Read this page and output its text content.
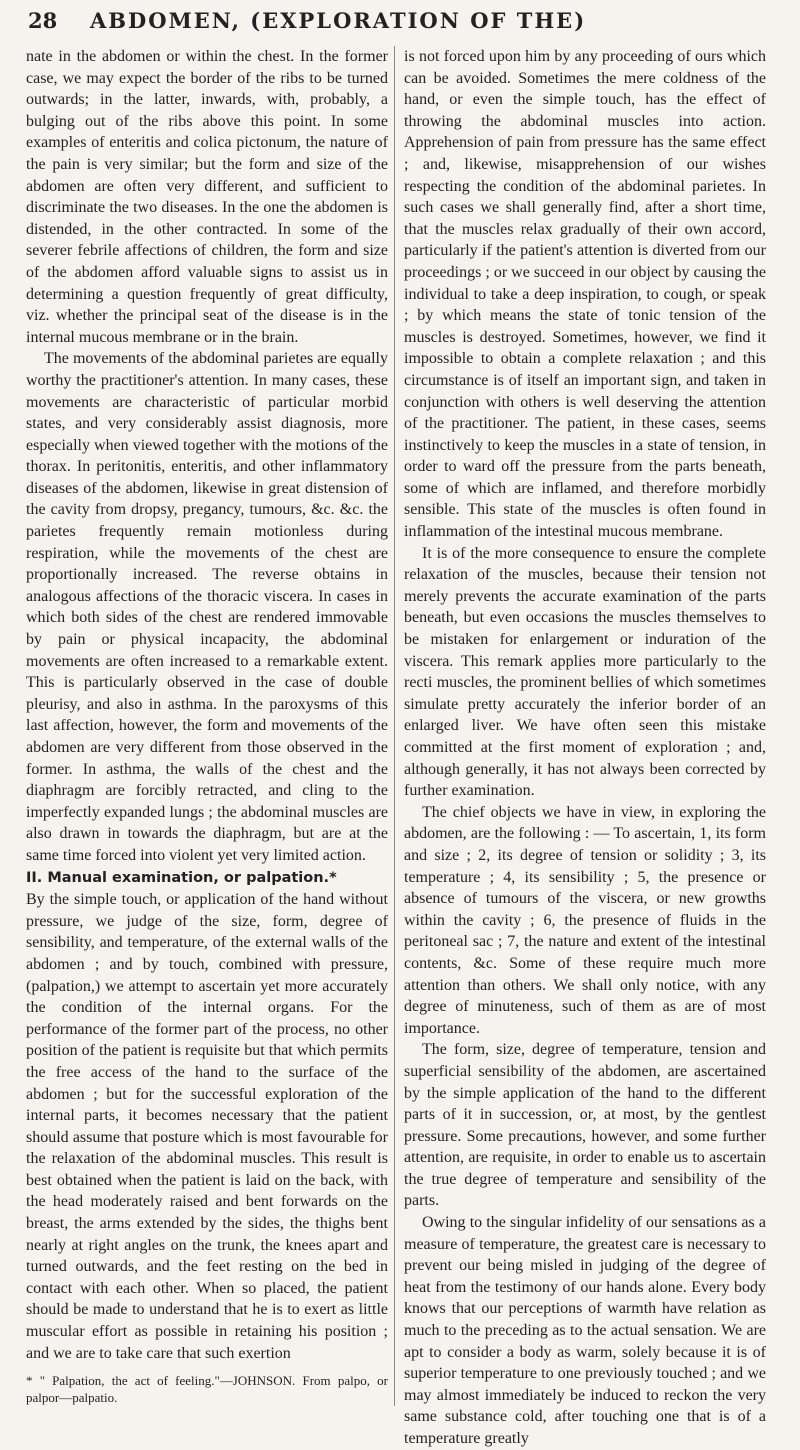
28 ABDOMEN, (EXPLORATION OF THE)

nate in the abdomen or within the chest. In the former case, we may expect the border of the ribs to be turned outwards; in the latter, inwards, with, probably, a bulging out of the ribs above this point. In some examples of enteritis and colica pictonum, the nature of the pain is very similar; but the form and size of the abdomen are often very different, and sufficient to discriminate the two diseases. In the one the abdomen is distended, in the other contracted. In some of the severer febrile affections of children, the form and size of the abdomen afford valuable signs to assist us in determining a question frequently of great difficulty, viz. whether the principal seat of the disease is in the internal mucous membrane or in the brain.

The movements of the abdominal parietes are equally worthy the practitioner's attention. In many cases, these movements are characteristic of particular morbid states, and very considerably assist diagnosis, more especially when viewed together with the motions of the thorax. In peritonitis, enteritis, and other inflammatory diseases of the abdomen, likewise in great distension of the cavity from dropsy, pregancy, tumours, &c. &c. the parietes frequently remain motionless during respiration, while the movements of the chest are proportionally increased. The reverse obtains in analogous affections of the thoracic viscera. In cases in which both sides of the chest are rendered immovable by pain or physical incapacity, the abdominal movements are often increased to a remarkable extent. This is particularly observed in the case of double pleurisy, and also in asthma. In the paroxysms of this last affection, however, the form and movements of the abdomen are very different from those observed in the former. In asthma, the walls of the chest and the diaphragm are forcibly retracted, and cling to the imperfectly expanded lungs ; the abdominal muscles are also drawn in towards the diaphragm, but are at the same time forced into violent yet very limited action.

II. Manual examination, or palpation.*

By the simple touch, or application of the hand without pressure, we judge of the size, form, degree of sensibility, and temperature, of the external walls of the abdomen ; and by touch, combined with pressure, (palpation,) we attempt to ascertain yet more accurately the condition of the internal organs. For the performance of the former part of the process, no other position of the patient is requisite but that which permits the free access of the hand to the surface of the abdomen ; but for the successful exploration of the internal parts, it becomes necessary that the patient should assume that posture which is most favourable for the relaxation of the abdominal muscles. This result is best obtained when the patient is laid on the back, with the head moderately raised and bent forwards on the breast, the arms extended by the sides, the thighs bent nearly at right angles on the trunk, the knees apart and turned outwards, and the feet resting on the bed in contact with each other. When so placed, the patient should be made to understand that he is to exert as little muscular effort as possible in retaining his position ; and we are to take care that such exertion

* " Palpation, the act of feeling."—JOHNSON. From palpo, or palpor—palpatio.

is not forced upon him by any proceeding of ours which can be avoided. Sometimes the mere coldness of the hand, or even the simple touch, has the effect of throwing the abdominal muscles into action. Apprehension of pain from pressure has the same effect ; and, likewise, misapprehension of our wishes respecting the condition of the abdominal parietes. In such cases we shall generally find, after a short time, that the muscles relax gradually of their own accord, particularly if the patient's attention is diverted from our proceedings ; or we succeed in our object by causing the individual to take a deep inspiration, to cough, or speak ; by which means the state of tonic tension of the muscles is destroyed. Sometimes, however, we find it impossible to obtain a complete relaxation ; and this circumstance is of itself an important sign, and taken in conjunction with others is well deserving the attention of the practitioner. The patient, in these cases, seems instinctively to keep the muscles in a state of tension, in order to ward off the pressure from the parts beneath, some of which are inflamed, and therefore morbidly sensible. This state of the muscles is often found in inflammation of the intestinal mucous membrane.

It is of the more consequence to ensure the complete relaxation of the muscles, because their tension not merely prevents the accurate examination of the parts beneath, but even occasions the muscles themselves to be mistaken for enlargement or induration of the viscera. This remark applies more particularly to the recti muscles, the prominent bellies of which sometimes simulate pretty accurately the inferior border of an enlarged liver. We have often seen this mistake committed at the first moment of exploration ; and, although generally, it has not always been corrected by further examination.

The chief objects we have in view, in exploring the abdomen, are the following : — To ascertain, 1, its form and size ; 2, its degree of tension or solidity ; 3, its temperature ; 4, its sensibility ; 5, the presence or absence of tumours of the viscera, or new growths within the cavity ; 6, the presence of fluids in the peritoneal sac ; 7, the nature and extent of the intestinal contents, &c. Some of these require much more attention than others. We shall only notice, with any degree of minuteness, such of them as are of most importance.

The form, size, degree of temperature, tension and superficial sensibility of the abdomen, are ascertained by the simple application of the hand to the different parts of it in succession, or, at most, by the gentlest pressure. Some precautions, however, and some further attention, are requisite, in order to enable us to ascertain the true degree of temperature and sensibility of the parts.

Owing to the singular infidelity of our sensations as a measure of temperature, the greatest care is necessary to prevent our being misled in judging of the degree of heat from the testimony of our hands alone. Every body knows that our perceptions of warmth have relation as much to the preceding as to the actual sensation. We are apt to consider a body as warm, solely because it is of superior temperature to one previously touched ; and we may almost immediately be induced to reckon the very same substance cold, after touching one that is of a temperature greatly
